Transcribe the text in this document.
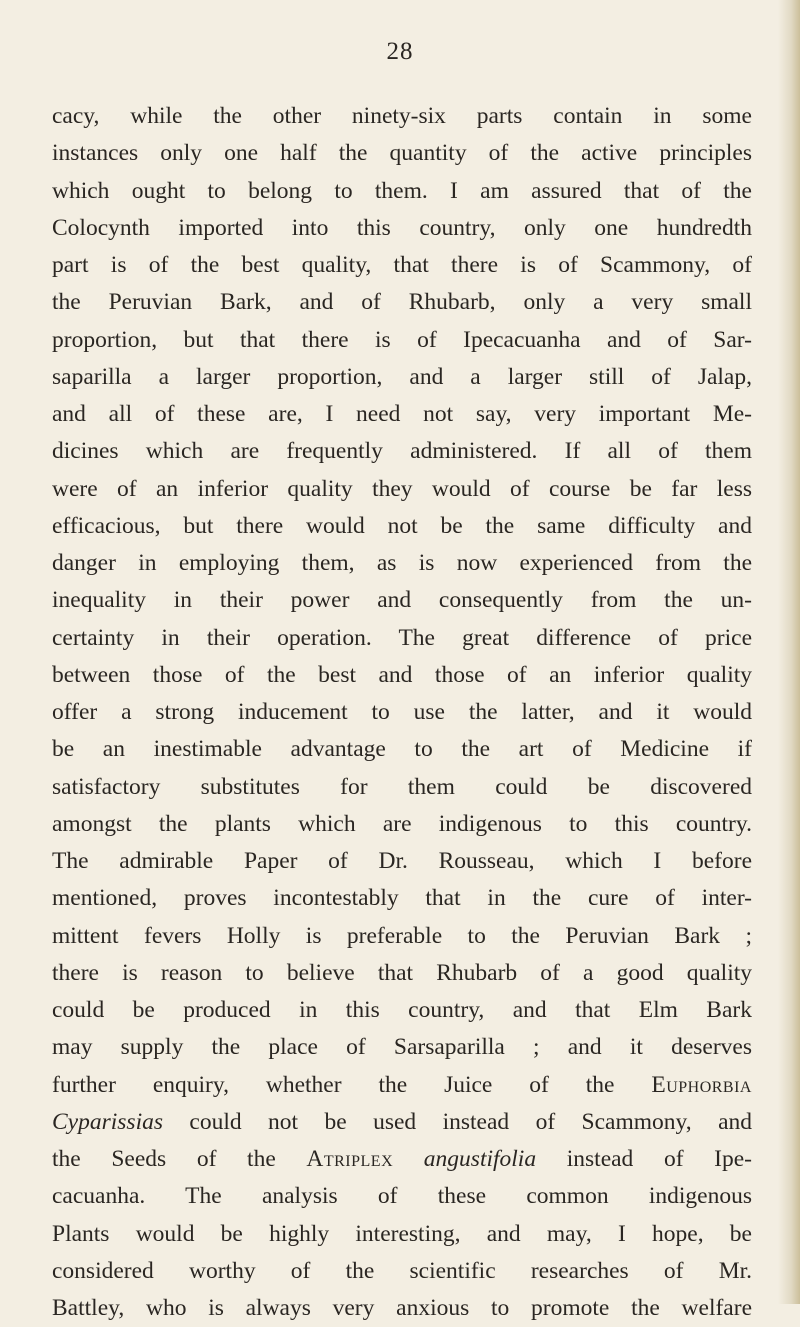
28
cacy, while the other ninety-six parts contain in some
instances only one half the quantity of the active principles
which ought to belong to them. I am assured that of the
Colocynth imported into this country, only one hundredth
part is of the best quality, that there is of Scammony, of
the Peruvian Bark, and of Rhubarb, only a very small
proportion, but that there is of Ipecacuanha and of Sar-
saparilla a larger proportion, and a larger still of Jalap,
and all of these are, I need not say, very important Me-
dicines which are frequently administered. If all of them
were of an inferior quality they would of course be far less
efficacious, but there would not be the same difficulty and
danger in employing them, as is now experienced from the
inequality in their power and consequently from the un-
certainty in their operation. The great difference of price
between those of the best and those of an inferior quality
offer a strong inducement to use the latter, and it would
be an inestimable advantage to the art of Medicine if
satisfactory substitutes for them could be discovered
amongst the plants which are indigenous to this country.
The admirable Paper of Dr. Rousseau, which I before
mentioned, proves incontestably that in the cure of inter-
mittent fevers Holly is preferable to the Peruvian Bark ;
there is reason to believe that Rhubarb of a good quality
could be produced in this country, and that Elm Bark
may supply the place of Sarsaparilla ; and it deserves
further enquiry, whether the Juice of the Euphorbia
Cyparissias could not be used instead of Scammony, and
the Seeds of the Atriplex angustifolia instead of Ipe-
cacuanha. The analysis of these common indigenous
Plants would be highly interesting, and may, I hope, be
considered worthy of the scientific researches of Mr.
Battley, who is always very anxious to promote the welfare
